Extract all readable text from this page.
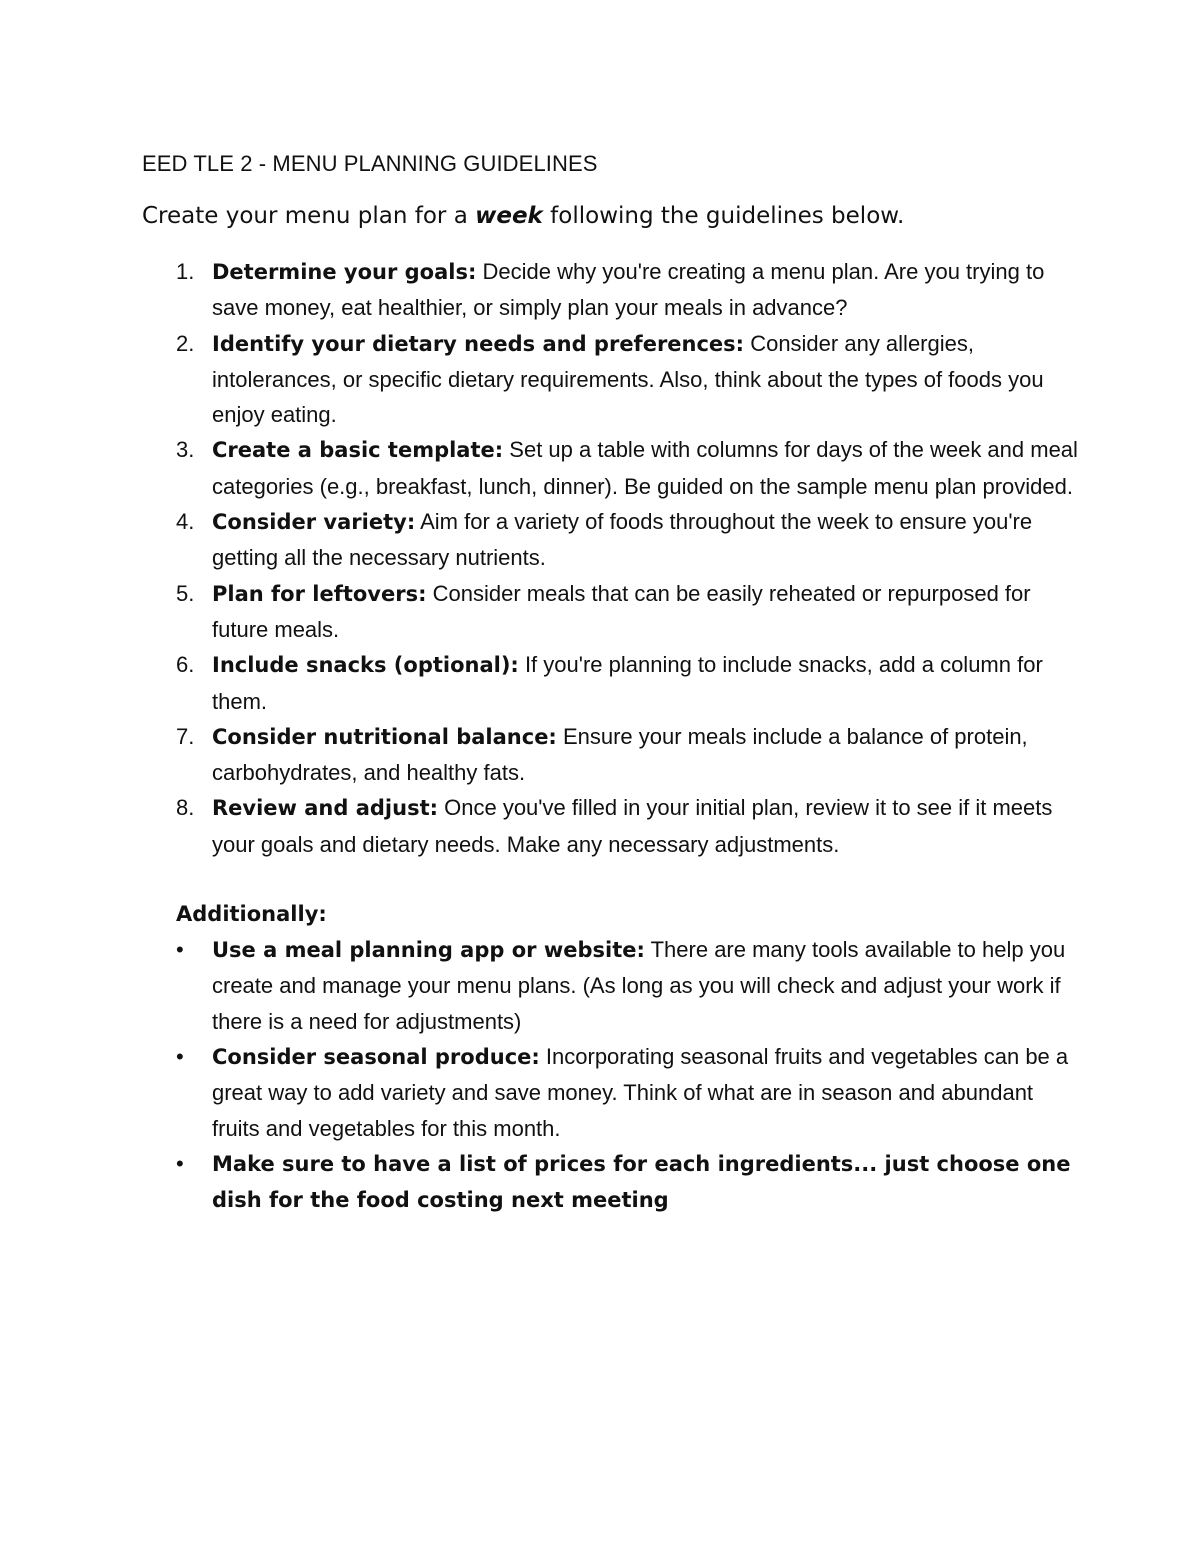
EED TLE 2 - MENU PLANNING GUIDELINES

Create your menu plan for a week following the guidelines below.

1. Determine your goals: Decide why you're creating a menu plan. Are you trying to save money, eat healthier, or simply plan your meals in advance?
2. Identify your dietary needs and preferences: Consider any allergies, intolerances, or specific dietary requirements. Also, think about the types of foods you enjoy eating.
3. Create a basic template: Set up a table with columns for days of the week and meal categories (e.g., breakfast, lunch, dinner). Be guided on the sample menu plan provided.
4. Consider variety: Aim for a variety of foods throughout the week to ensure you're getting all the necessary nutrients.
5. Plan for leftovers: Consider meals that can be easily reheated or repurposed for future meals.
6. Include snacks (optional): If you're planning to include snacks, add a column for them.
7. Consider nutritional balance: Ensure your meals include a balance of protein, carbohydrates, and healthy fats.
8. Review and adjust: Once you've filled in your initial plan, review it to see if it meets your goals and dietary needs. Make any necessary adjustments.
Additionally:
• Use a meal planning app or website: There are many tools available to help you create and manage your menu plans. (As long as you will check and adjust your work if there is a need for adjustments)
• Consider seasonal produce: Incorporating seasonal fruits and vegetables can be a great way to add variety and save money. Think of what are in season and abundant fruits and vegetables for this month.
• Make sure to have a list of prices for each ingredients... just choose one dish for the food costing next meeting
